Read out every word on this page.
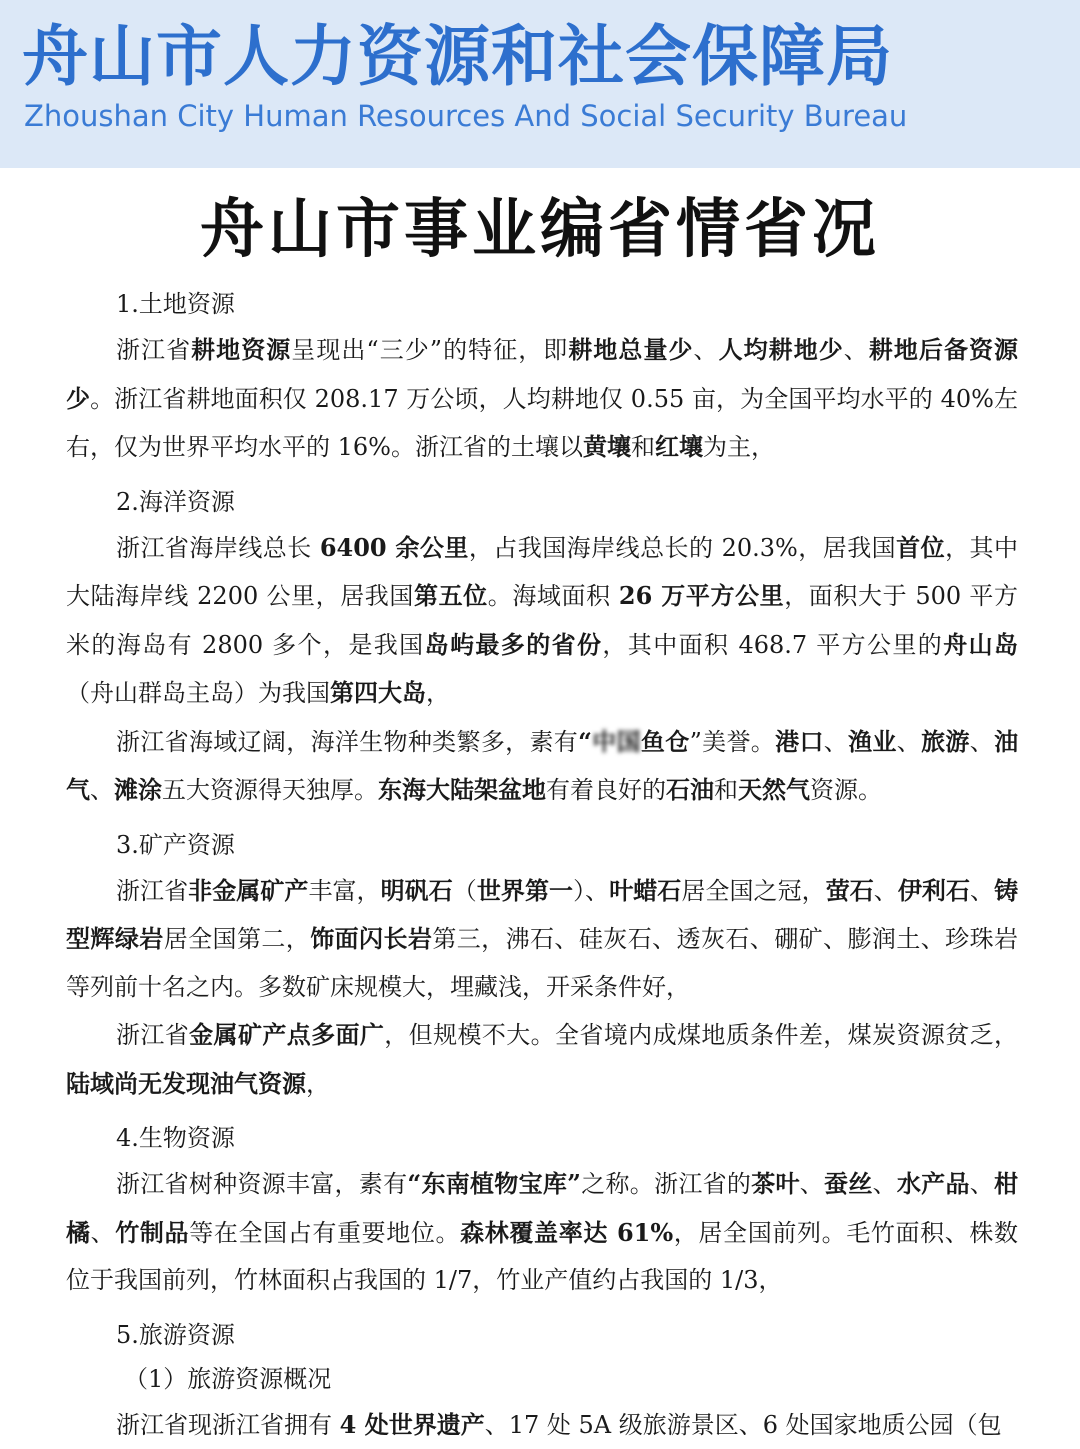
舟山市人力资源和社会保障局
Zhoushan City Human Resources And Social Security Bureau
舟山市事业编省情省况
1.土地资源

浙江省耕地资源呈现出“三少”的特征，即耕地总量少、人均耕地少、耕地后备资源少。浙江省耕地面积仅 208.17 万公顷，人均耕地仅 0.55 亩，为全国平均水平的 40%左右，仅为世界平均水平的 16%。浙江省的土壤以黄壤和红壤为主，

2.海洋资源

浙江省海岸线总长 6400 余公里，占我国海岸线总长的 20.3%，居我国首位，其中大陆海岸线 2200 公里，居我国第五位。海域面积 26 万平方公里，面积大于 500 平方米的海岛有 2800 多个，是我国岛屿最多的省份，其中面积 468.7 平方公里的舟山岛（舟山群岛主岛）为我国第四大岛，

浙江省海域辽阔，海洋生物种类繁多，素有“中国鱼仓”美誉。港口、渔业、旅游、油气、滩涂五大资源得天独厚。东海大陆架盆地有着良好的石油和天然气资源。

3.矿产资源

浙江省非金属矿产丰富，明矾石（世界第一）、叶蜡石居全国之冠，萤石、伊利石、铸型辉绿岩居全国第二，饰面闪长岩第三，沸石、硅灰石、透灰石、硼矿、膨润土、珍珠岩等列前十名之内。多数矿床规模大，埋藏浅，开采条件好，

浙江省金属矿产点多面广，但规模不大。全省境内成煤地质条件差，煤炭资源贫乏，陆域尚无发现油气资源，

4.生物资源

浙江省树种资源丰富，素有“东南植物宝库”之称。浙江省的茶叶、蚕丝、水产品、柑橘、竹制品等在全国占有重要地位。森林覆盖率达 61%，居全国前列。毛竹面积、株数位于我国前列，竹林面积占我国的 1/7，竹业产值约占我国的 1/3，

5.旅游资源
（1）旅游资源概况

浙江省现浙江省拥有 4 处世界遗产、17 处 5A 级旅游景区、6 处国家地质公园（包
